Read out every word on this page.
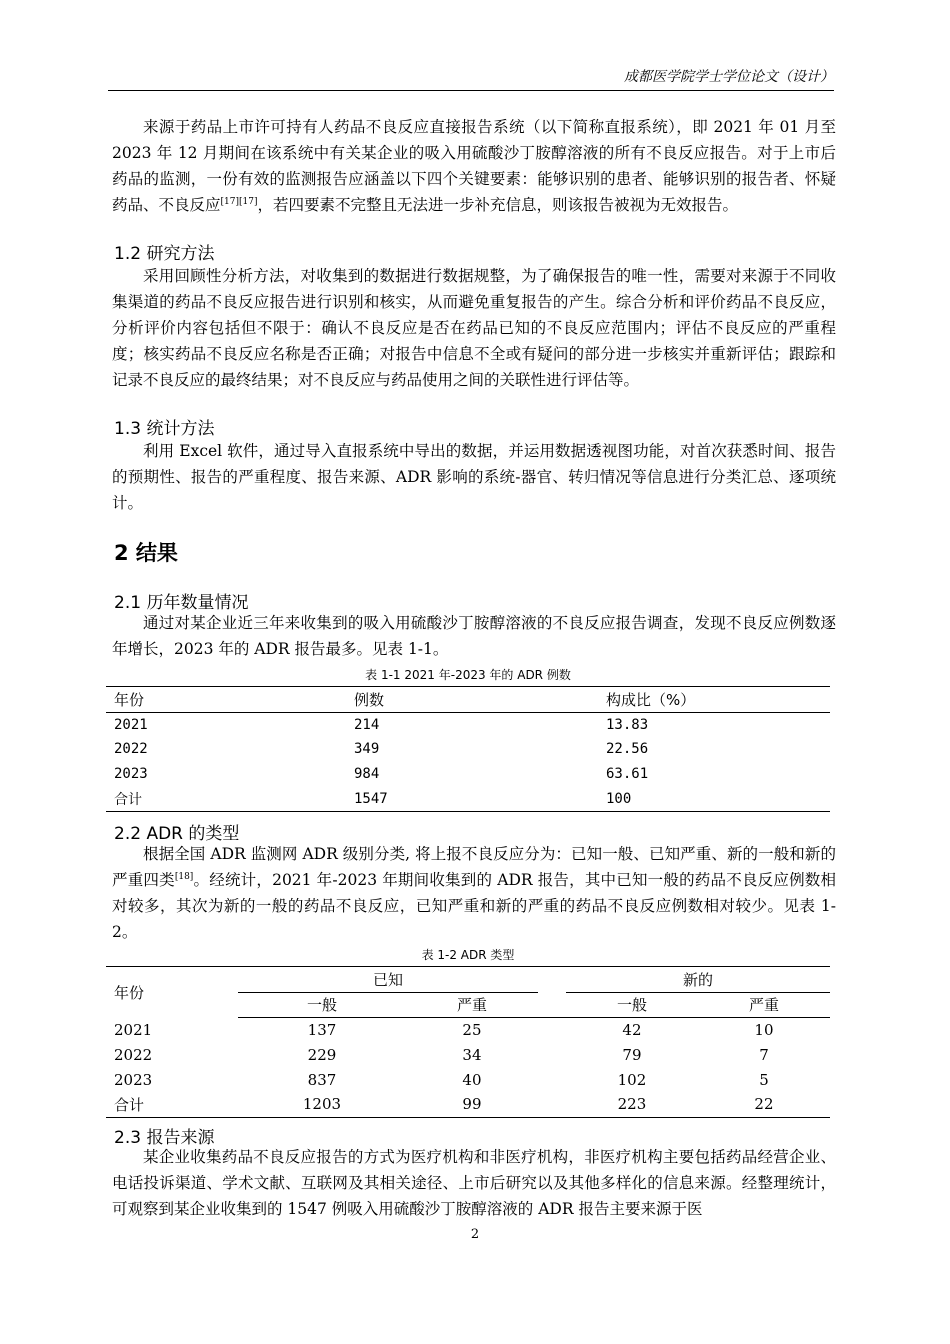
成都医学院学士学位论文（设计）

来源于药品上市许可持有人药品不良反应直接报告系统（以下简称直报系统），即 2021 年 01 月至 2023 年 12 月期间在该系统中有关某企业的吸入用硫酸沙丁胺醇溶液的所有不良反应报告。对于上市后药品的监测，一份有效的监测报告应涵盖以下四个关键要素：能够识别的患者、能够识别的报告者、怀疑药品、不良反应[17][17]，若四要素不完整且无法进一步补充信息，则该报告被视为无效报告。

1.2 研究方法

采用回顾性分析方法，对收集到的数据进行数据规整，为了确保报告的唯一性，需要对来源于不同收集渠道的药品不良反应报告进行识别和核实，从而避免重复报告的产生。综合分析和评价药品不良反应，分析评价内容包括但不限于：确认不良反应是否在药品已知的不良反应范围内；评估不良反应的严重程度；核实药品不良反应名称是否正确；对报告中信息不全或有疑问的部分进一步核实并重新评估；跟踪和记录不良反应的最终结果；对不良反应与药品使用之间的关联性进行评估等。

1.3 统计方法

利用 Excel 软件，通过导入直报系统中导出的数据，并运用数据透视图功能，对首次获悉时间、报告的预期性、报告的严重程度、报告来源、ADR 影响的系统-器官、转归情况等信息进行分类汇总、逐项统计。

2 结果
2.1 历年数量情况

通过对某企业近三年来收集到的吸入用硫酸沙丁胺醇溶液的不良反应报告调查，发现不良反应例数逐年增长，2023 年的 ADR 报告最多。见表 1-1。

表 1-1 2021 年-2023 年的 ADR 例数
年份	例数	构成比（%）
2021	214	13.83
2022	349	22.56
2023	984	63.61
合计	1547	100
2.2 ADR 的类型

根据全国 ADR 监测网 ADR 级别分类, 将上报不良反应分为：已知一般、已知严重、新的一般和新的严重四类[18]。经统计，2021 年-2023 年期间收集到的 ADR 报告，其中已知一般的药品不良反应例数相对较多，其次为新的一般的药品不良反应，已知严重和新的严重的药品不良反应例数相对较少。见表 1-2。

表 1-2 ADR 类型
年份	已知			新的	
	一般	严重		一般	严重
2021	137	25		42	10
2022	229	34		79	7
2023	837	40		102	5
合计	1203	99		223	22
2.3 报告来源

某企业收集药品不良反应报告的方式为医疗机构和非医疗机构，非医疗机构主要包括药品经营企业、电话投诉渠道、学术文献、互联网及其相关途径、上市后研究以及其他多样化的信息来源。经整理统计，可观察到某企业收集到的 1547 例吸入用硫酸沙丁胺醇溶液的 ADR 报告主要来源于医

2
